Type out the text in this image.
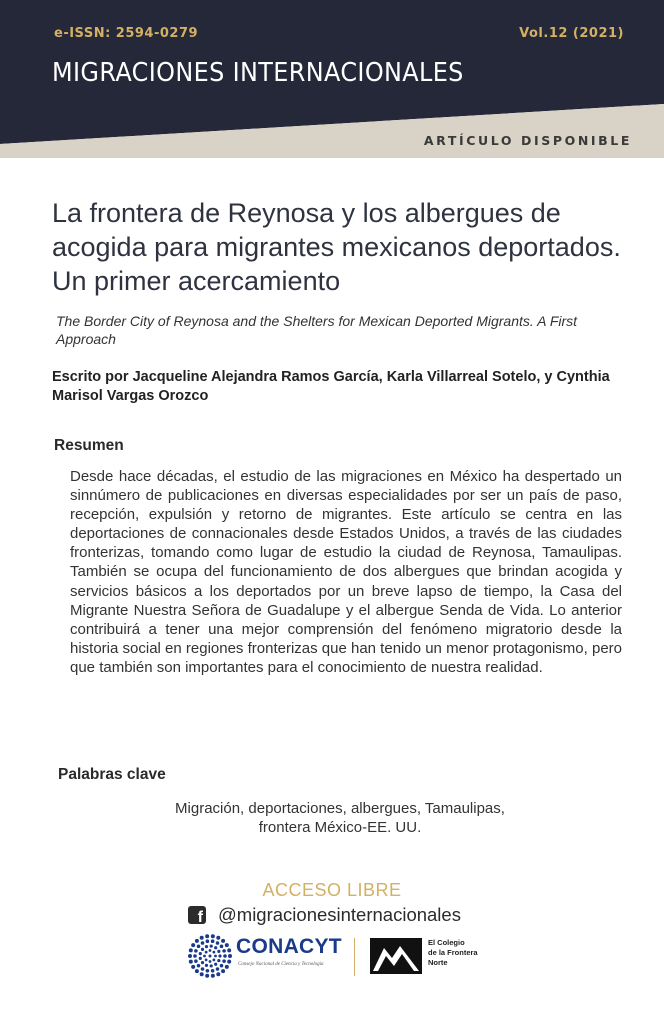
e-ISSN: 2594-0279	Vol.12 (2021)
MIGRACIONES INTERNACIONALES
ARTÍCULO DISPONIBLE
La frontera de Reynosa y los albergues de acogida para migrantes mexicanos deportados. Un primer acercamiento
The Border City of Reynosa and the Shelters for Mexican Deported Migrants. A First Approach
Escrito por Jacqueline Alejandra Ramos García, Karla Villarreal Sotelo, y Cynthia Marisol Vargas Orozco
Resumen

Desde hace décadas, el estudio de las migraciones en México ha despertado un sinnúmero de publicaciones en diversas especialidades por ser un país de paso, recepción, expulsión y retorno de migrantes. Este artículo se centra en las deportaciones de connacionales desde Estados Unidos, a través de las ciudades fronterizas, tomando como lugar de estudio la ciudad de Reynosa, Tamaulipas. También se ocupa del funcionamiento de dos albergues que brindan acogida y servicios básicos a los deportados por un breve lapso de tiempo, la Casa del Migrante Nuestra Señora de Guadalupe y el albergue Senda de Vida. Lo anterior contribuirá a tener una mejor comprensión del fenómeno migratorio desde la historia social en regiones fronterizas que han tenido un menor protagonismo, pero que también son importantes para el conocimiento de nuestra realidad.

Palabras clave
Migración, deportaciones, albergues, Tamaulipas,
frontera México-EE. UU.
ACCESO LIBRE
f @migracionesinternacionales
CONACYT
Consejo Nacional de Ciencia y Tecnología
El Colegio
de la Frontera
Norte
